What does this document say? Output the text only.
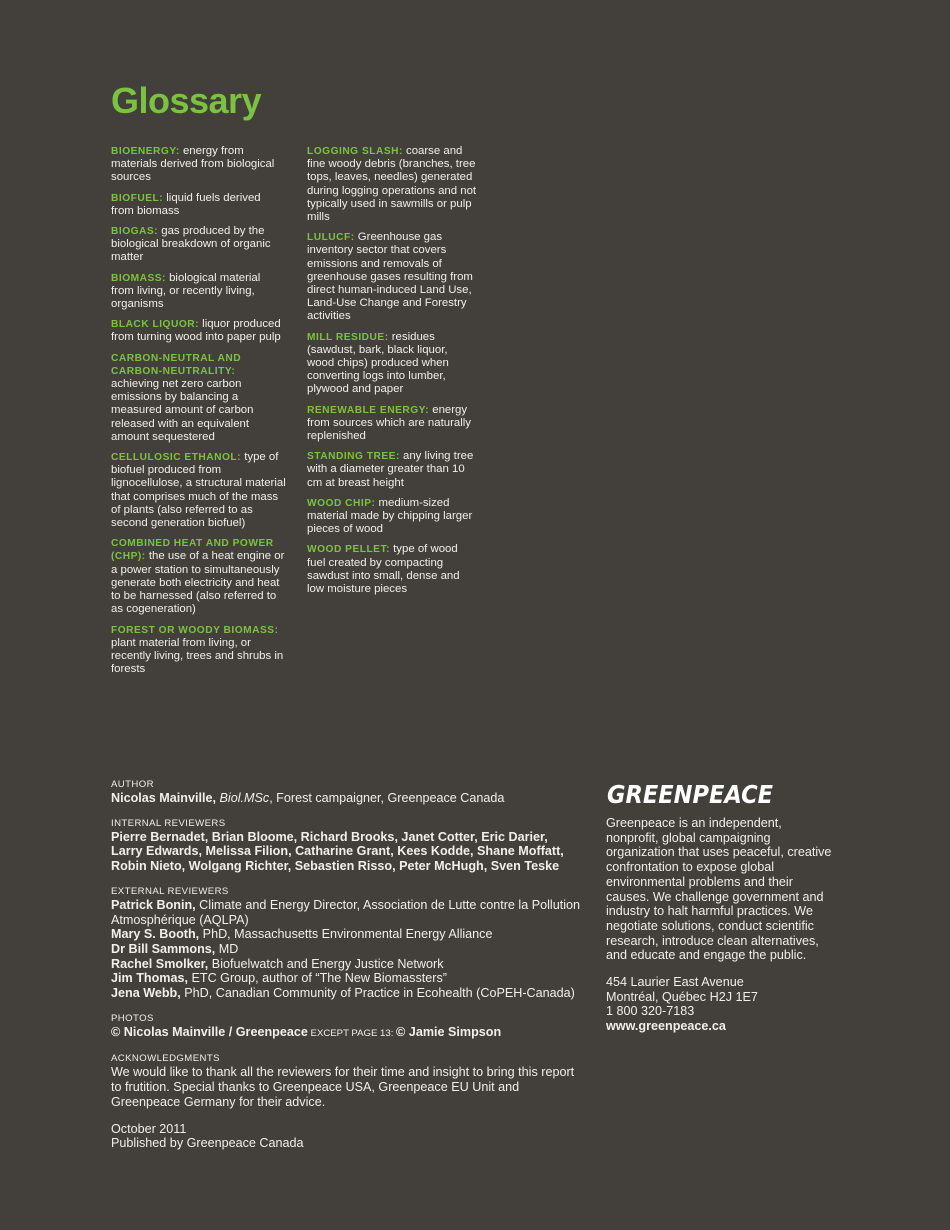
Glossary
BIOENERGY: energy from materials derived from biological sources
BIOFUEL: liquid fuels derived from biomass
BIOGAS: gas produced by the biological breakdown of organic matter
BIOMASS: biological material from living, or recently living, organisms
BLACK LIQUOR: liquor produced from turning wood into paper pulp
CARBON-NEUTRAL AND CARBON-NEUTRALITY: achieving net zero carbon emissions by balancing a measured amount of carbon released with an equivalent amount sequestered
CELLULOSIC ETHANOL: type of biofuel produced from lignocellulose, a structural material that comprises much of the mass of plants (also referred to as second generation biofuel)
COMBINED HEAT AND POWER (CHP): the use of a heat engine or a power station to simultaneously generate both electricity and heat to be harnessed (also referred to as cogeneration)
FOREST OR WOODY BIOMASS: plant material from living, or recently living, trees and shrubs in forests
LOGGING SLASH: coarse and fine woody debris (branches, tree tops, leaves, needles) generated during logging operations and not typically used in sawmills or pulp mills
LULUCF: Greenhouse gas inventory sector that covers emissions and removals of greenhouse gases resulting from direct human-induced Land Use, Land-Use Change and Forestry activities
MILL RESIDUE: residues (sawdust, bark, black liquor, wood chips) produced when converting logs into lumber, plywood and paper
RENEWABLE ENERGY: energy from sources which are naturally replenished
STANDING TREE: any living tree with a diameter greater than 10 cm at breast height
WOOD CHIP: medium-sized material made by chipping larger pieces of wood
WOOD PELLET: type of wood fuel created by compacting sawdust into small, dense and low moisture pieces
AUTHOR
Nicolas Mainville, Biol.MSc, Forest campaigner, Greenpeace Canada
INTERNAL REVIEWERS
Pierre Bernadet, Brian Bloome, Richard Brooks, Janet Cotter, Eric Darier, Larry Edwards, Melissa Filion, Catharine Grant, Kees Kodde, Shane Moffatt, Robin Nieto, Wolgang Richter, Sebastien Risso, Peter McHugh, Sven Teske
EXTERNAL REVIEWERS
Patrick Bonin, Climate and Energy Director, Association de Lutte contre la Pollution Atmosphérique (AQLPA)
Mary S. Booth, PhD, Massachusetts Environmental Energy Alliance
Dr Bill Sammons, MD
Rachel Smolker, Biofuelwatch and Energy Justice Network
Jim Thomas, ETC Group, author of “The New Biomassters”
Jena Webb, PhD, Canadian Community of Practice in Ecohealth (CoPEH-Canada)
PHOTOS
© Nicolas Mainville / Greenpeace EXCEPT PAGE 13: © Jamie Simpson
ACKNOWLEDGMENTS
We would like to thank all the reviewers for their time and insight to bring this report to frutition. Special thanks to Greenpeace USA, Greenpeace EU Unit and Greenpeace Germany for their advice.
October 2011
Published by Greenpeace Canada
GREENPEACE
Greenpeace is an independent, nonprofit, global campaigning organization that uses peaceful, creative confrontation to expose global environmental problems and their causes. We challenge government and industry to halt harmful practices. We negotiate solutions, conduct scientific research, introduce clean alternatives, and educate and engage the public.
454 Laurier East Avenue
Montréal, Québec H2J 1E7
1 800 320-7183
www.greenpeace.ca
